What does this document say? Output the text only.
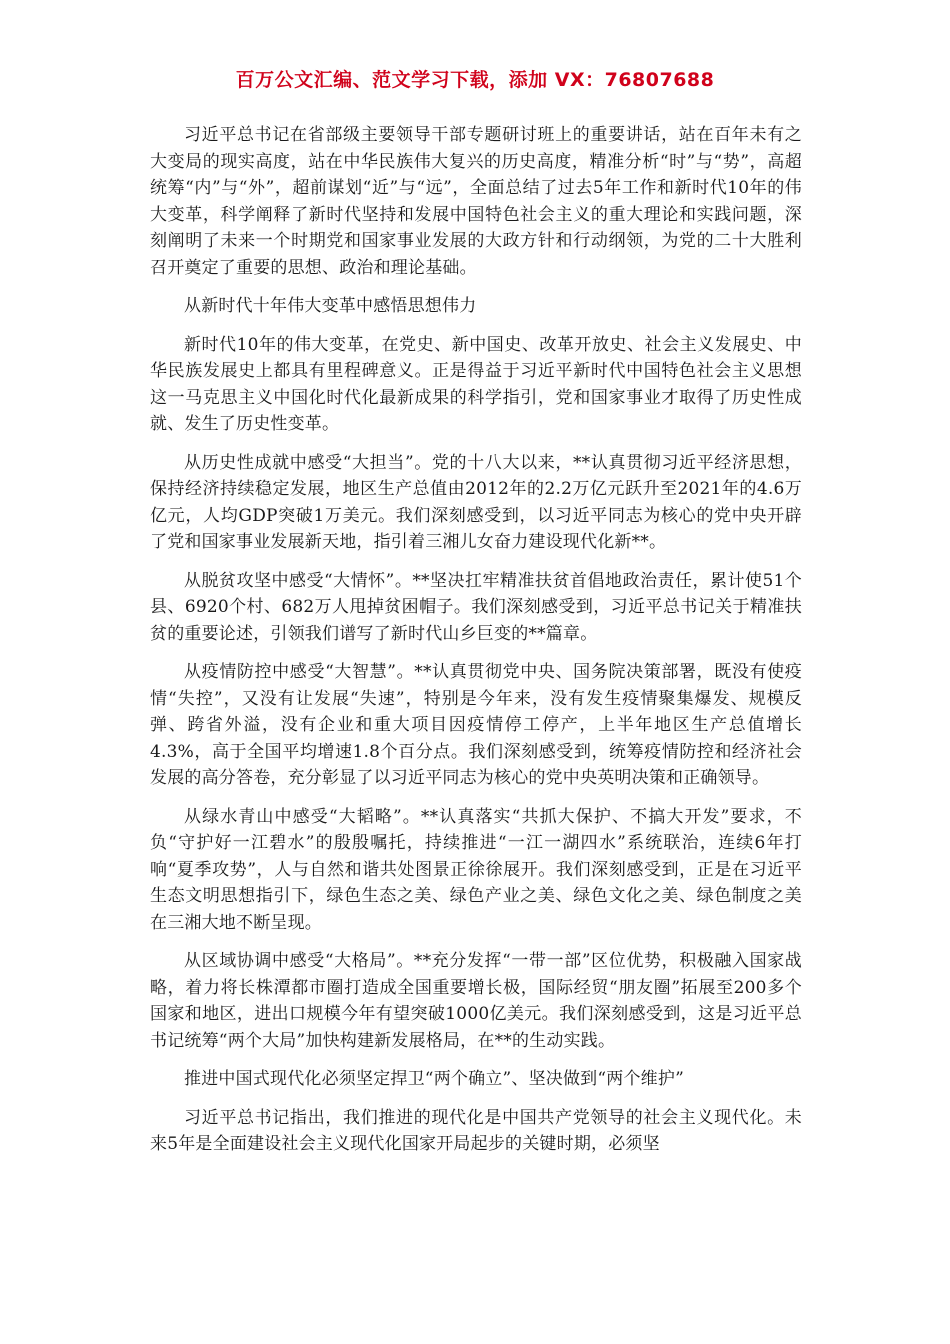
百万公文汇编、范文学习下载，添加 VX：76807688

习近平总书记在省部级主要领导干部专题研讨班上的重要讲话，站在百年未有之大变局的现实高度，站在中华民族伟大复兴的历史高度，精准分析“时”与“势”，高超统筹“内”与“外”，超前谋划“近”与“远”，全面总结了过去5年工作和新时代10年的伟大变革，科学阐释了新时代坚持和发展中国特色社会主义的重大理论和实践问题，深刻阐明了未来一个时期党和国家事业发展的大政方针和行动纲领，为党的二十大胜利召开奠定了重要的思想、政治和理论基础。

从新时代十年伟大变革中感悟思想伟力

新时代10年的伟大变革，在党史、新中国史、改革开放史、社会主义发展史、中华民族发展史上都具有里程碑意义。正是得益于习近平新时代中国特色社会主义思想这一马克思主义中国化时代化最新成果的科学指引，党和国家事业才取得了历史性成就、发生了历史性变革。

从历史性成就中感受“大担当”。党的十八大以来，**认真贯彻习近平经济思想，保持经济持续稳定发展，地区生产总值由2012年的2.2万亿元跃升至2021年的4.6万亿元，人均GDP突破1万美元。我们深刻感受到，以习近平同志为核心的党中央开辟了党和国家事业发展新天地，指引着三湘儿女奋力建设现代化新**。

从脱贫攻坚中感受“大情怀”。**坚决扛牢精准扶贫首倡地政治责任，累计使51个县、6920个村、682万人甩掉贫困帽子。我们深刻感受到，习近平总书记关于精准扶贫的重要论述，引领我们谱写了新时代山乡巨变的**篇章。

从疫情防控中感受“大智慧”。**认真贯彻党中央、国务院决策部署，既没有使疫情“失控”，又没有让发展“失速”，特别是今年来，没有发生疫情聚集爆发、规模反弹、跨省外溢，没有企业和重大项目因疫情停工停产，上半年地区生产总值增长4.3%，高于全国平均增速1.8个百分点。我们深刻感受到，统筹疫情防控和经济社会发展的高分答卷，充分彰显了以习近平同志为核心的党中央英明决策和正确领导。

从绿水青山中感受“大韬略”。**认真落实“共抓大保护、不搞大开发”要求，不负“守护好一江碧水”的殷殷嘱托，持续推进“一江一湖四水”系统联治，连续6年打响“夏季攻势”，人与自然和谐共处图景正徐徐展开。我们深刻感受到，正是在习近平生态文明思想指引下，绿色生态之美、绿色产业之美、绿色文化之美、绿色制度之美在三湘大地不断呈现。

从区域协调中感受“大格局”。**充分发挥“一带一部”区位优势，积极融入国家战略，着力将长株潭都市圈打造成全国重要增长极，国际经贸“朋友圈”拓展至200多个国家和地区，进出口规模今年有望突破1000亿美元。我们深刻感受到，这是习近平总书记统筹“两个大局”加快构建新发展格局，在**的生动实践。

推进中国式现代化必须坚定捍卫“两个确立”、坚决做到“两个维护”

习近平总书记指出，我们推进的现代化是中国共产党领导的社会主义现代化。未来5年是全面建设社会主义现代化国家开局起步的关键时期，必须坚
